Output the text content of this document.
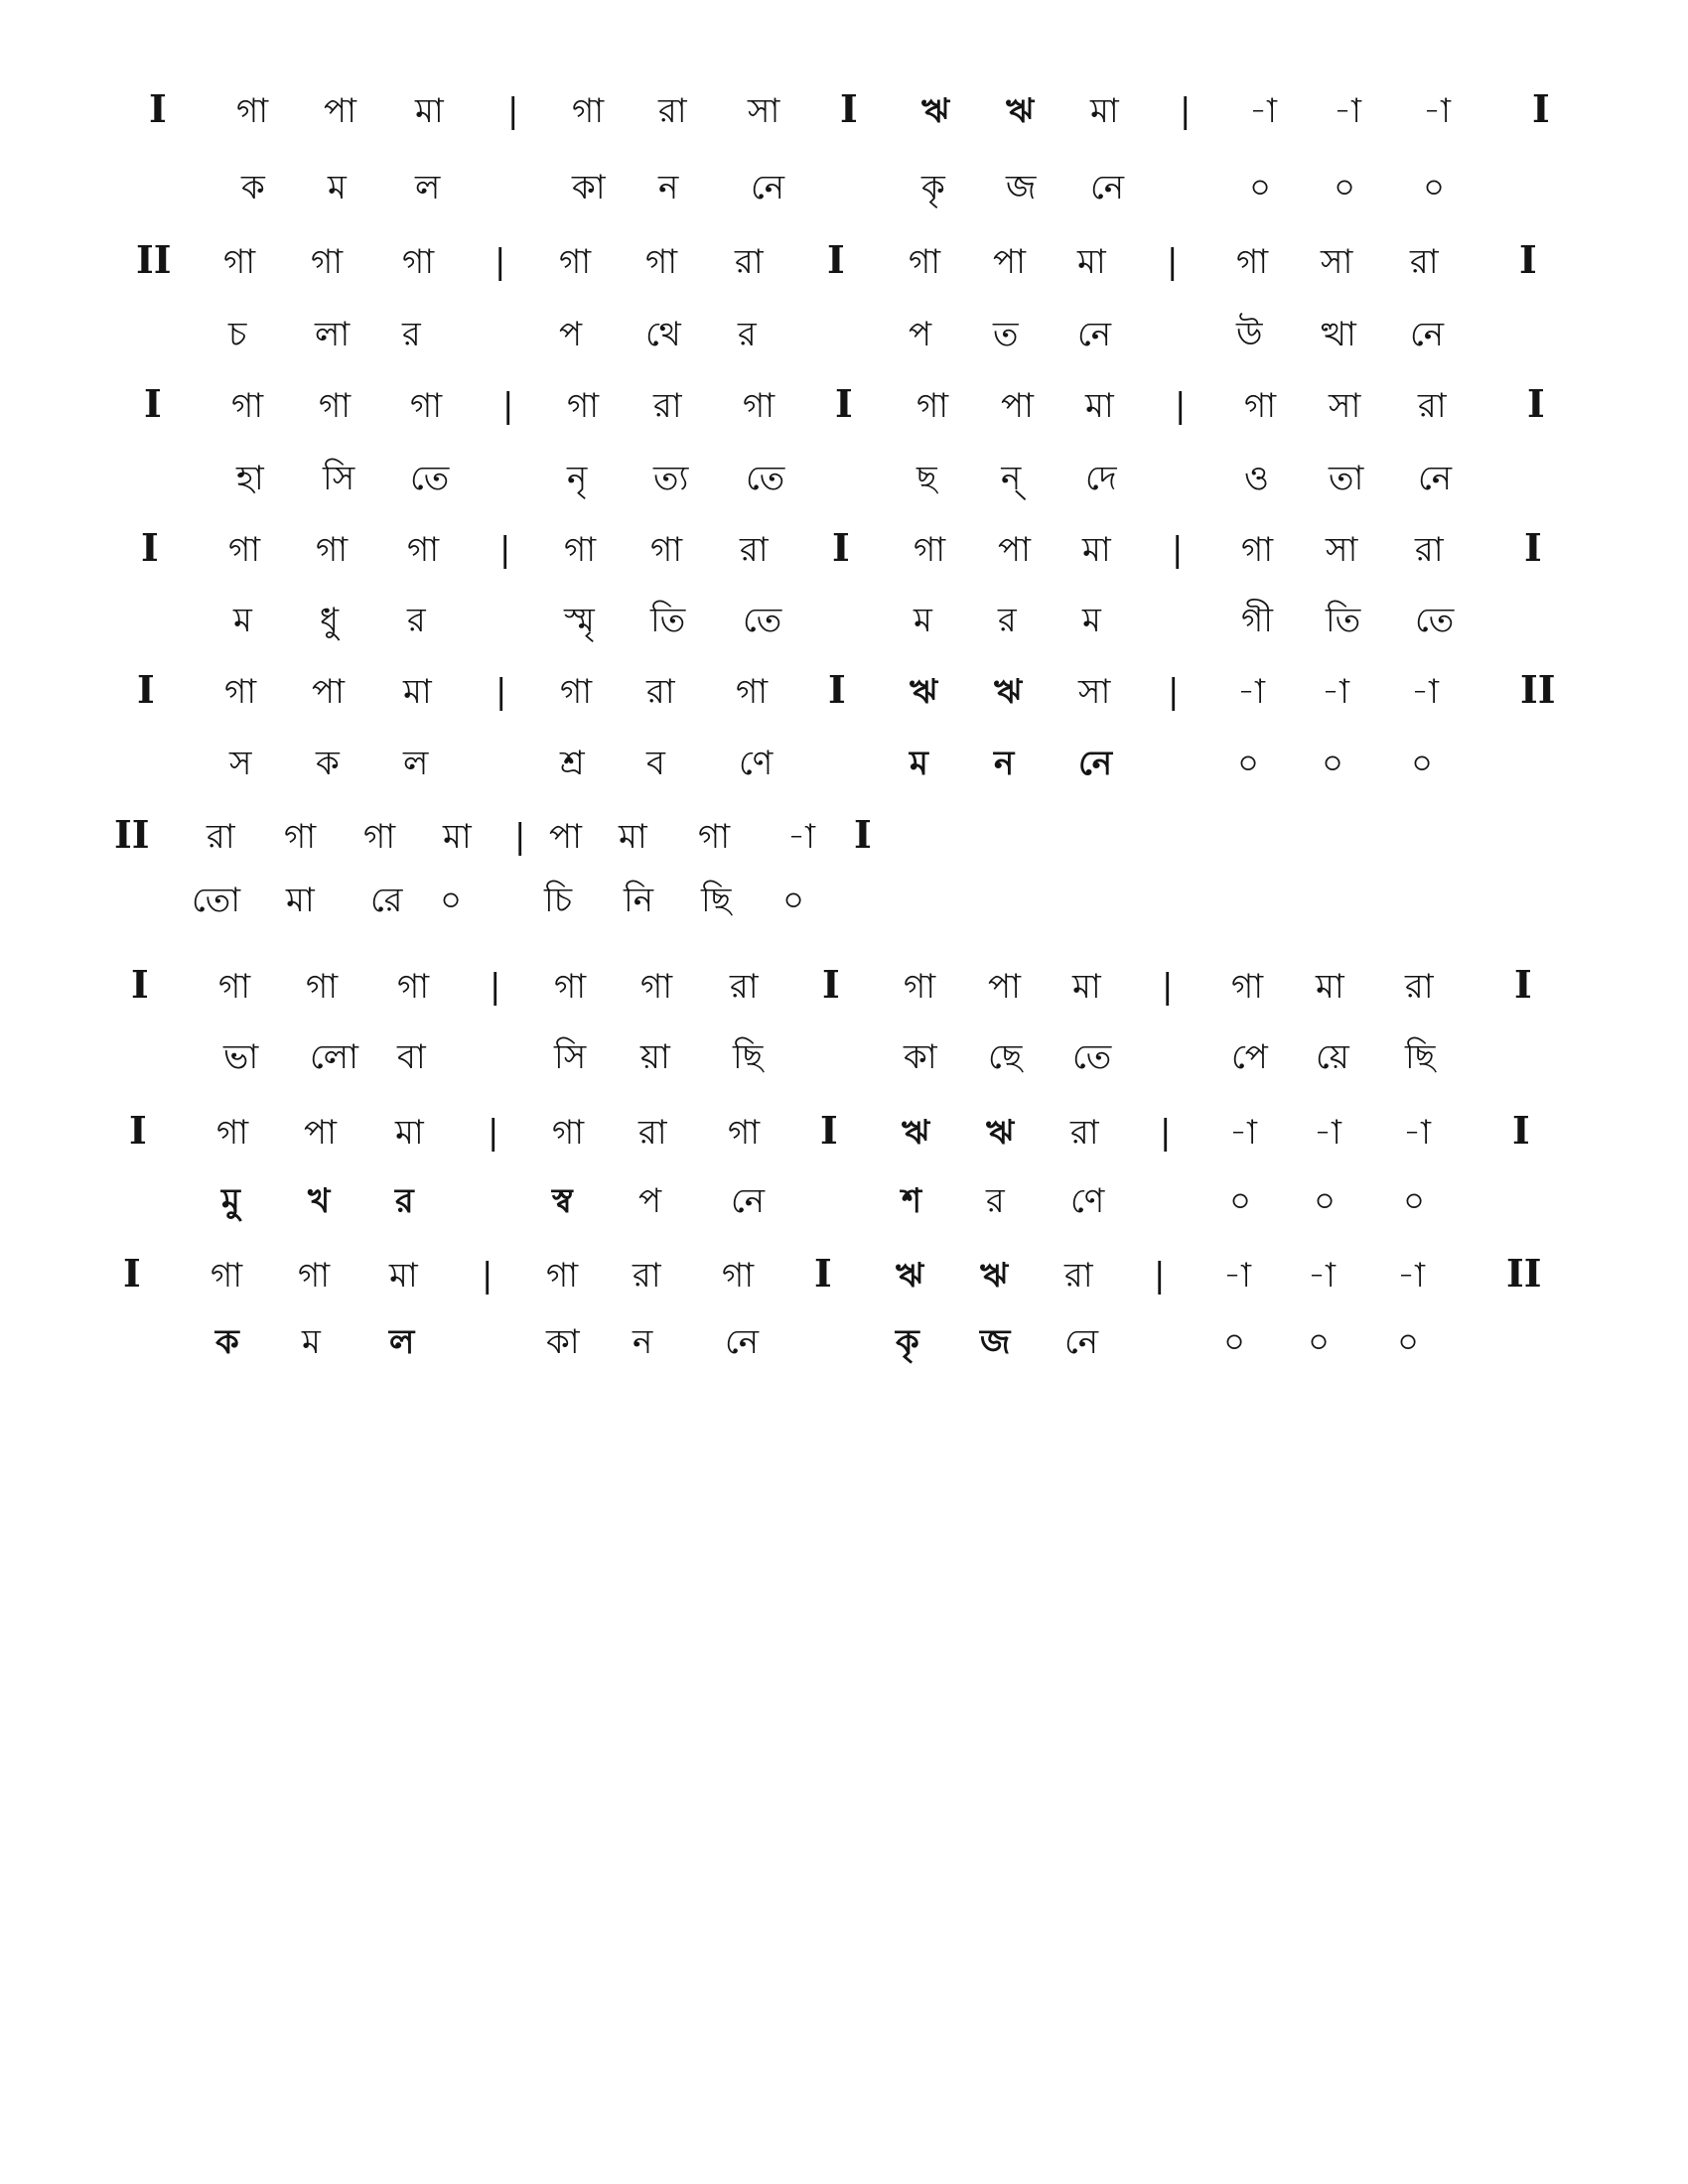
I গা পা মা | গা রা সা I ঋ ঋ মা | -া -া -া I
ক ম ল	কা ন নে	কৃ জ নে	০ ০ ০
II গা গা গা | গা গা রা I গা পা মা | গা সা রা I
চ লা র	প থে র	প ত নে	উ ত্থা নে
I গা গা গা | গা রা গা I গা পা মা | গা সা রা I
হা সি তে	নৃ ত্য তে	ছ ন্ দে	ও তা নে
I গা গা গা | গা গা রা I গা পা মা | গা সা রা I
ম ধু র	স্মৃ তি তে	ম র ম	গী তি তে
I গা পা মা | গা রা গা I ঋ ঋ সা | -া -া -া II
স ক ল	শ্র ব ণে	ম ন নে	০ ০ ০
II রা গা গা মা | পা মা গা -া I
তো মা রে ০ চি নি ছি ০
I গা গা গা | গা গা রা I গা পা মা | গা মা রা I
ভা লো বা	সি য়া ছি	কা ছে তে	পে য়ে ছি
I গা পা মা | গা রা গা I ঋ ঋ রা | -া -া -া I
মু খ র	স্ব প নে	শ র ণে	০ ০ ০
I গা গা মা | গা রা গা I ঋ ঋ রা | -া -া -া II
ক ম ল	কা ন নে	কৃ জ নে	০ ০ ০
